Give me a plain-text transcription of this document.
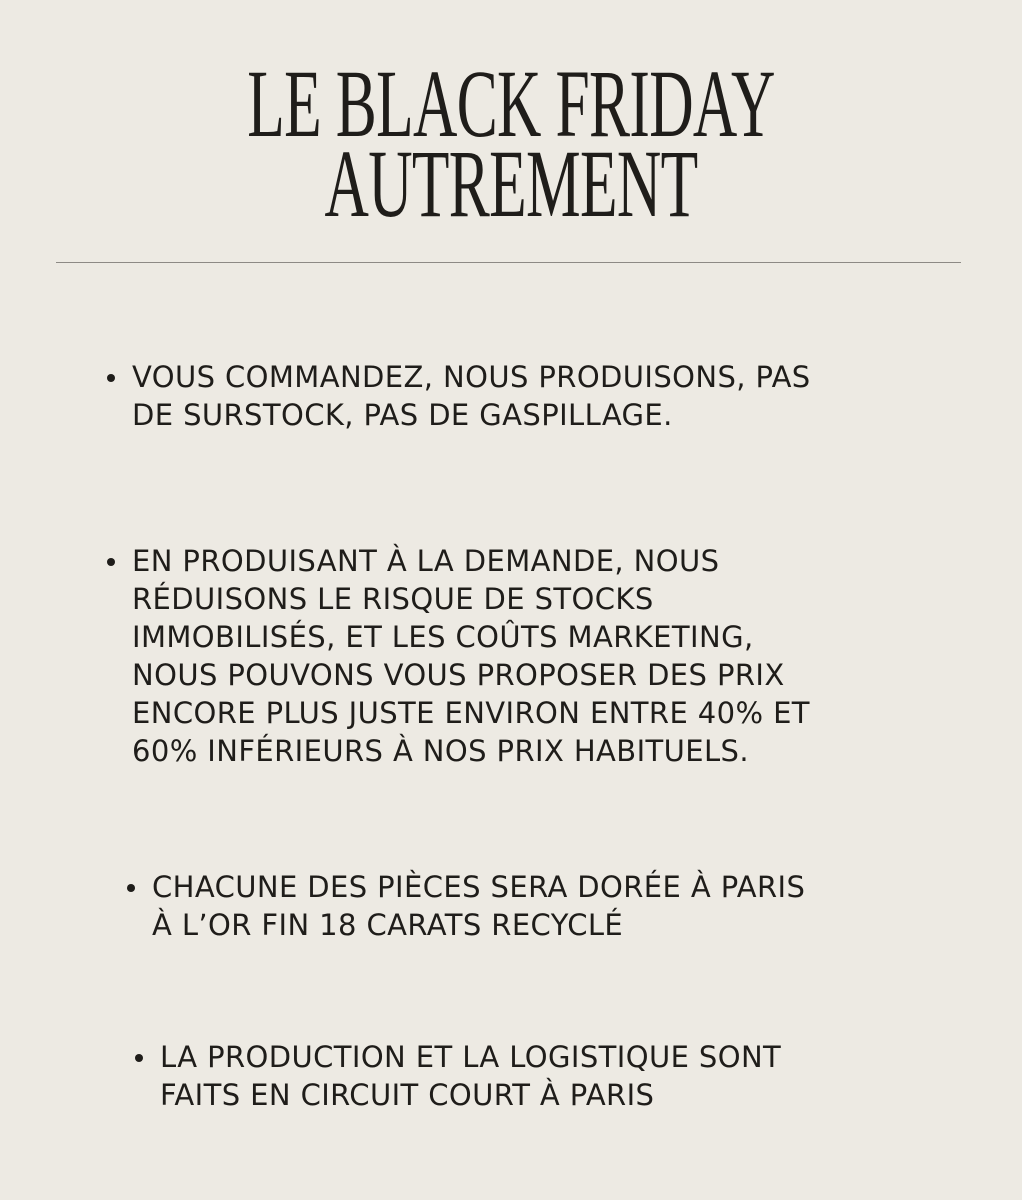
LE BLACK FRIDAY
AUTREMENT
VOUS COMMANDEZ, NOUS PRODUISONS, PAS
DE SURSTOCK, PAS DE GASPILLAGE.
EN PRODUISANT À LA DEMANDE, NOUS
RÉDUISONS LE RISQUE DE STOCKS
IMMOBILISÉS, ET LES COÛTS MARKETING,
NOUS POUVONS VOUS PROPOSER DES PRIX
ENCORE PLUS JUSTE ENVIRON ENTRE 40% ET
60% INFÉRIEURS À NOS PRIX HABITUELS.
CHACUNE DES PIÈCES SERA DORÉE À PARIS
À L’OR FIN 18 CARATS RECYCLÉ
LA PRODUCTION ET LA LOGISTIQUE SONT
FAITS EN CIRCUIT COURT À PARIS
